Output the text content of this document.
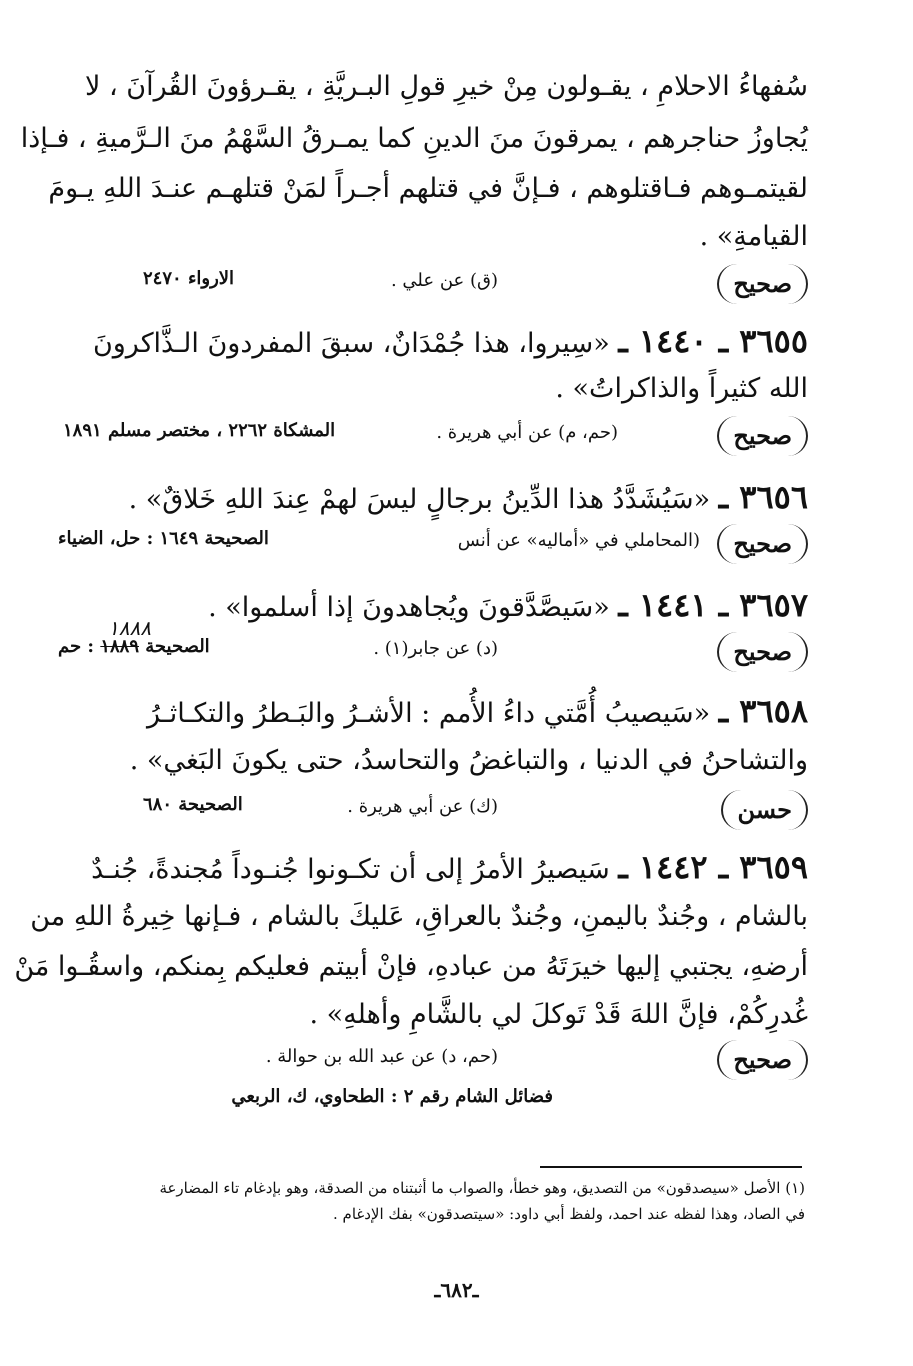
سُفهاءُ الاحلامِ ، يقـولون مِنْ خيرِ قولِ البـريَّةِ ، يقـرؤونَ القُرآنَ ، لا
يُجاوزُ حناجرهم ، يمرقونَ منَ الدينِ كما يمـرقُ السَّهْمُ منَ الـرَّميةِ ، فـإذا
لقيتمـوهم فـاقتلوهم ، فـإنَّ في قتلهم أجـراً لمَنْ قتلهـم عنـدَ اللهِ يـومَ
القيامةِ» .
صحيح
(ق) عن علي .
الارواء ٢٤٧٠
٣٦٥٥ ـ ١٤٤٠ ـ «سِيروا، هذا جُمْدَانٌ، سبقَ المفردونَ الـذَّاكرونَ
الله كثيراً والذاكراتُ» .
صحيح
(حم، م) عن أبي هريرة .
المشكاة ٢٢٦٢ ، مختصر مسلم ١٨٩١
٣٦٥٦ ـ «سَيُشَدَّدُ هذا الدِّينُ برجالٍ ليسَ لهمْ عِندَ اللهِ خَلاقٌ» .
صحيح
(المحاملي في «أماليه» عن أنس
الصحيحة ١٦٤٩ : حل، الضياء
٣٦٥٧ ـ ١٤٤١ ـ «سَيصَّدَّقونَ ويُجاهدونَ إذا أسلموا» .
١٨٨٨
صحيح
(د) عن جابر(١) .
الصحيحة ١٨٨٩ : حم
٣٦٥٨ ـ «سَيصيبُ أُمَّتي داءُ الأُمم : الأشـرُ والبَـطرُ والتكـاثـرُ
والتشاحنُ في الدنيا ، والتباغضُ والتحاسدُ، حتى يكونَ البَغي» .
حسن
(ك) عن أبي هريرة .
الصحيحة ٦٨٠
٣٦٥٩ ـ ١٤٤٢ ـ سَيصيرُ الأمرُ إلى أن تكـونوا جُنـوداً مُجندةً، جُنـدٌ
بالشام ، وجُندٌ باليمنِ، وجُندٌ بالعراقِ، عَليكَ بالشام ، فـإنها خِيرةُ اللهِ من
أرضهِ، يجتبي إليها خيرَتَهُ من عبادهِ، فإنْ أبيتم فعليكم بِمنكم، واسقُـوا مَنْ
غُدرِكُمْ، فإنَّ اللهَ قَدْ تَوكلَ لي بالشَّامِ وأهلهِ» .
صحيح
(حم، د) عن عبد الله بن حوالة .
فضائل الشام رقم ٢ : الطحاوي، ك، الربعي
(١) الأصل «سيصدقون» من التصديق، وهو خطأ، والصواب ما أثبتناه من الصدقة، وهو بإدغام تاء المضارعة
في الصاد، وهذا لفظه عند احمد، ولفظ أبي داود: «سيتصدقون» بفك الإدغام .
ـ٦٨٢ـ
